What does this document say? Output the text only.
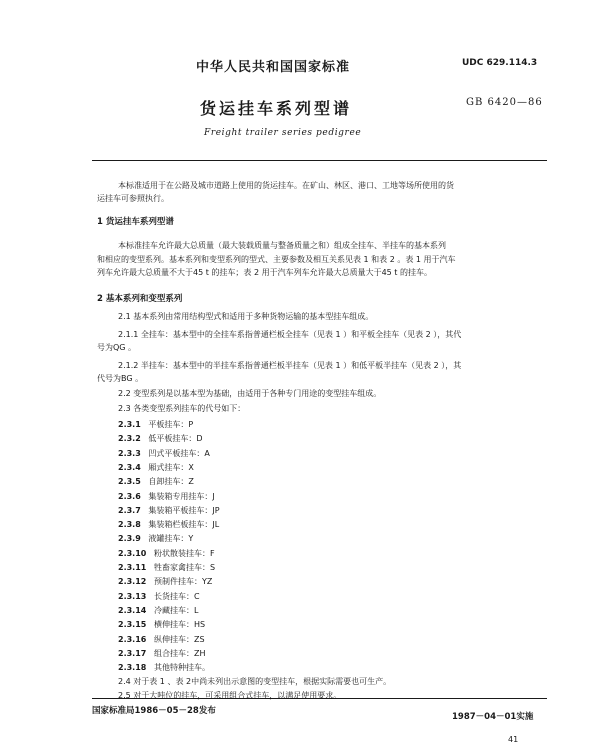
中华人民共和国国家标准	UDC 629.114.3
货运挂车系列型谱	GB 6420—86
Freight trailer series pedigree
本标准适用于在公路及城市道路上使用的货运挂车。在矿山、林区、港口、工地等场所使用的货
运挂车可参照执行。
1 货运挂车系列型谱
本标准挂车允许最大总质量（最大装载质量与整备质量之和）组成全挂车、半挂车的基本系列
和相应的变型系列。基本系列和变型系列的型式、主要参数及相互关系见表 1 和表 2 。表 1 用于汽车
列车允许最大总质量不大于45 t 的挂车；表 2 用于汽车列车允许最大总质量大于45 t 的挂车。
2 基本系列和变型系列
2.1 基本系列由常用结构型式和适用于多种货物运输的基本型挂车组成。
2.1.1 全挂车：基本型中的全挂车系指普通栏板全挂车（见表 1 ）和平板全挂车（见表 2 ），其代
号为QG 。
2.1.2 半挂车：基本型中的半挂车系指普通栏板半挂车（见表 1 ）和低平板半挂车（见表 2 ），其
代号为BG 。
2.2 变型系列是以基本型为基础，由适用于各种专门用途的变型挂车组成。
2.3 各类变型系列挂车的代号如下：
2.3.1 平板挂车：P
2.3.2 低平板挂车：D
2.3.3 凹式平板挂车：A
2.3.4 厢式挂车：X
2.3.5 自卸挂车：Z
2.3.6 集装箱专用挂车：J
2.3.7 集装箱平板挂车：JP
2.3.8 集装箱栏板挂车：JL
2.3.9 液罐挂车：Y
2.3.10 粉状散装挂车：F
2.3.11 牲畜家禽挂车：S
2.3.12 预制件挂车：YZ
2.3.13 长货挂车：C
2.3.14 冷藏挂车：L
2.3.15 横伸挂车：HS
2.3.16 纵伸挂车：ZS
2.3.17 组合挂车：ZH
2.3.18 其他特种挂车。
2.4 对于表 1 、表 2中尚未列出示意图的变型挂车，根据实际需要也可生产。
2.5 对于大吨位的挂车，可采用组合式挂车，以满足使用要求。
国家标准局1986－05－28发布
1987－04－01实施
41
